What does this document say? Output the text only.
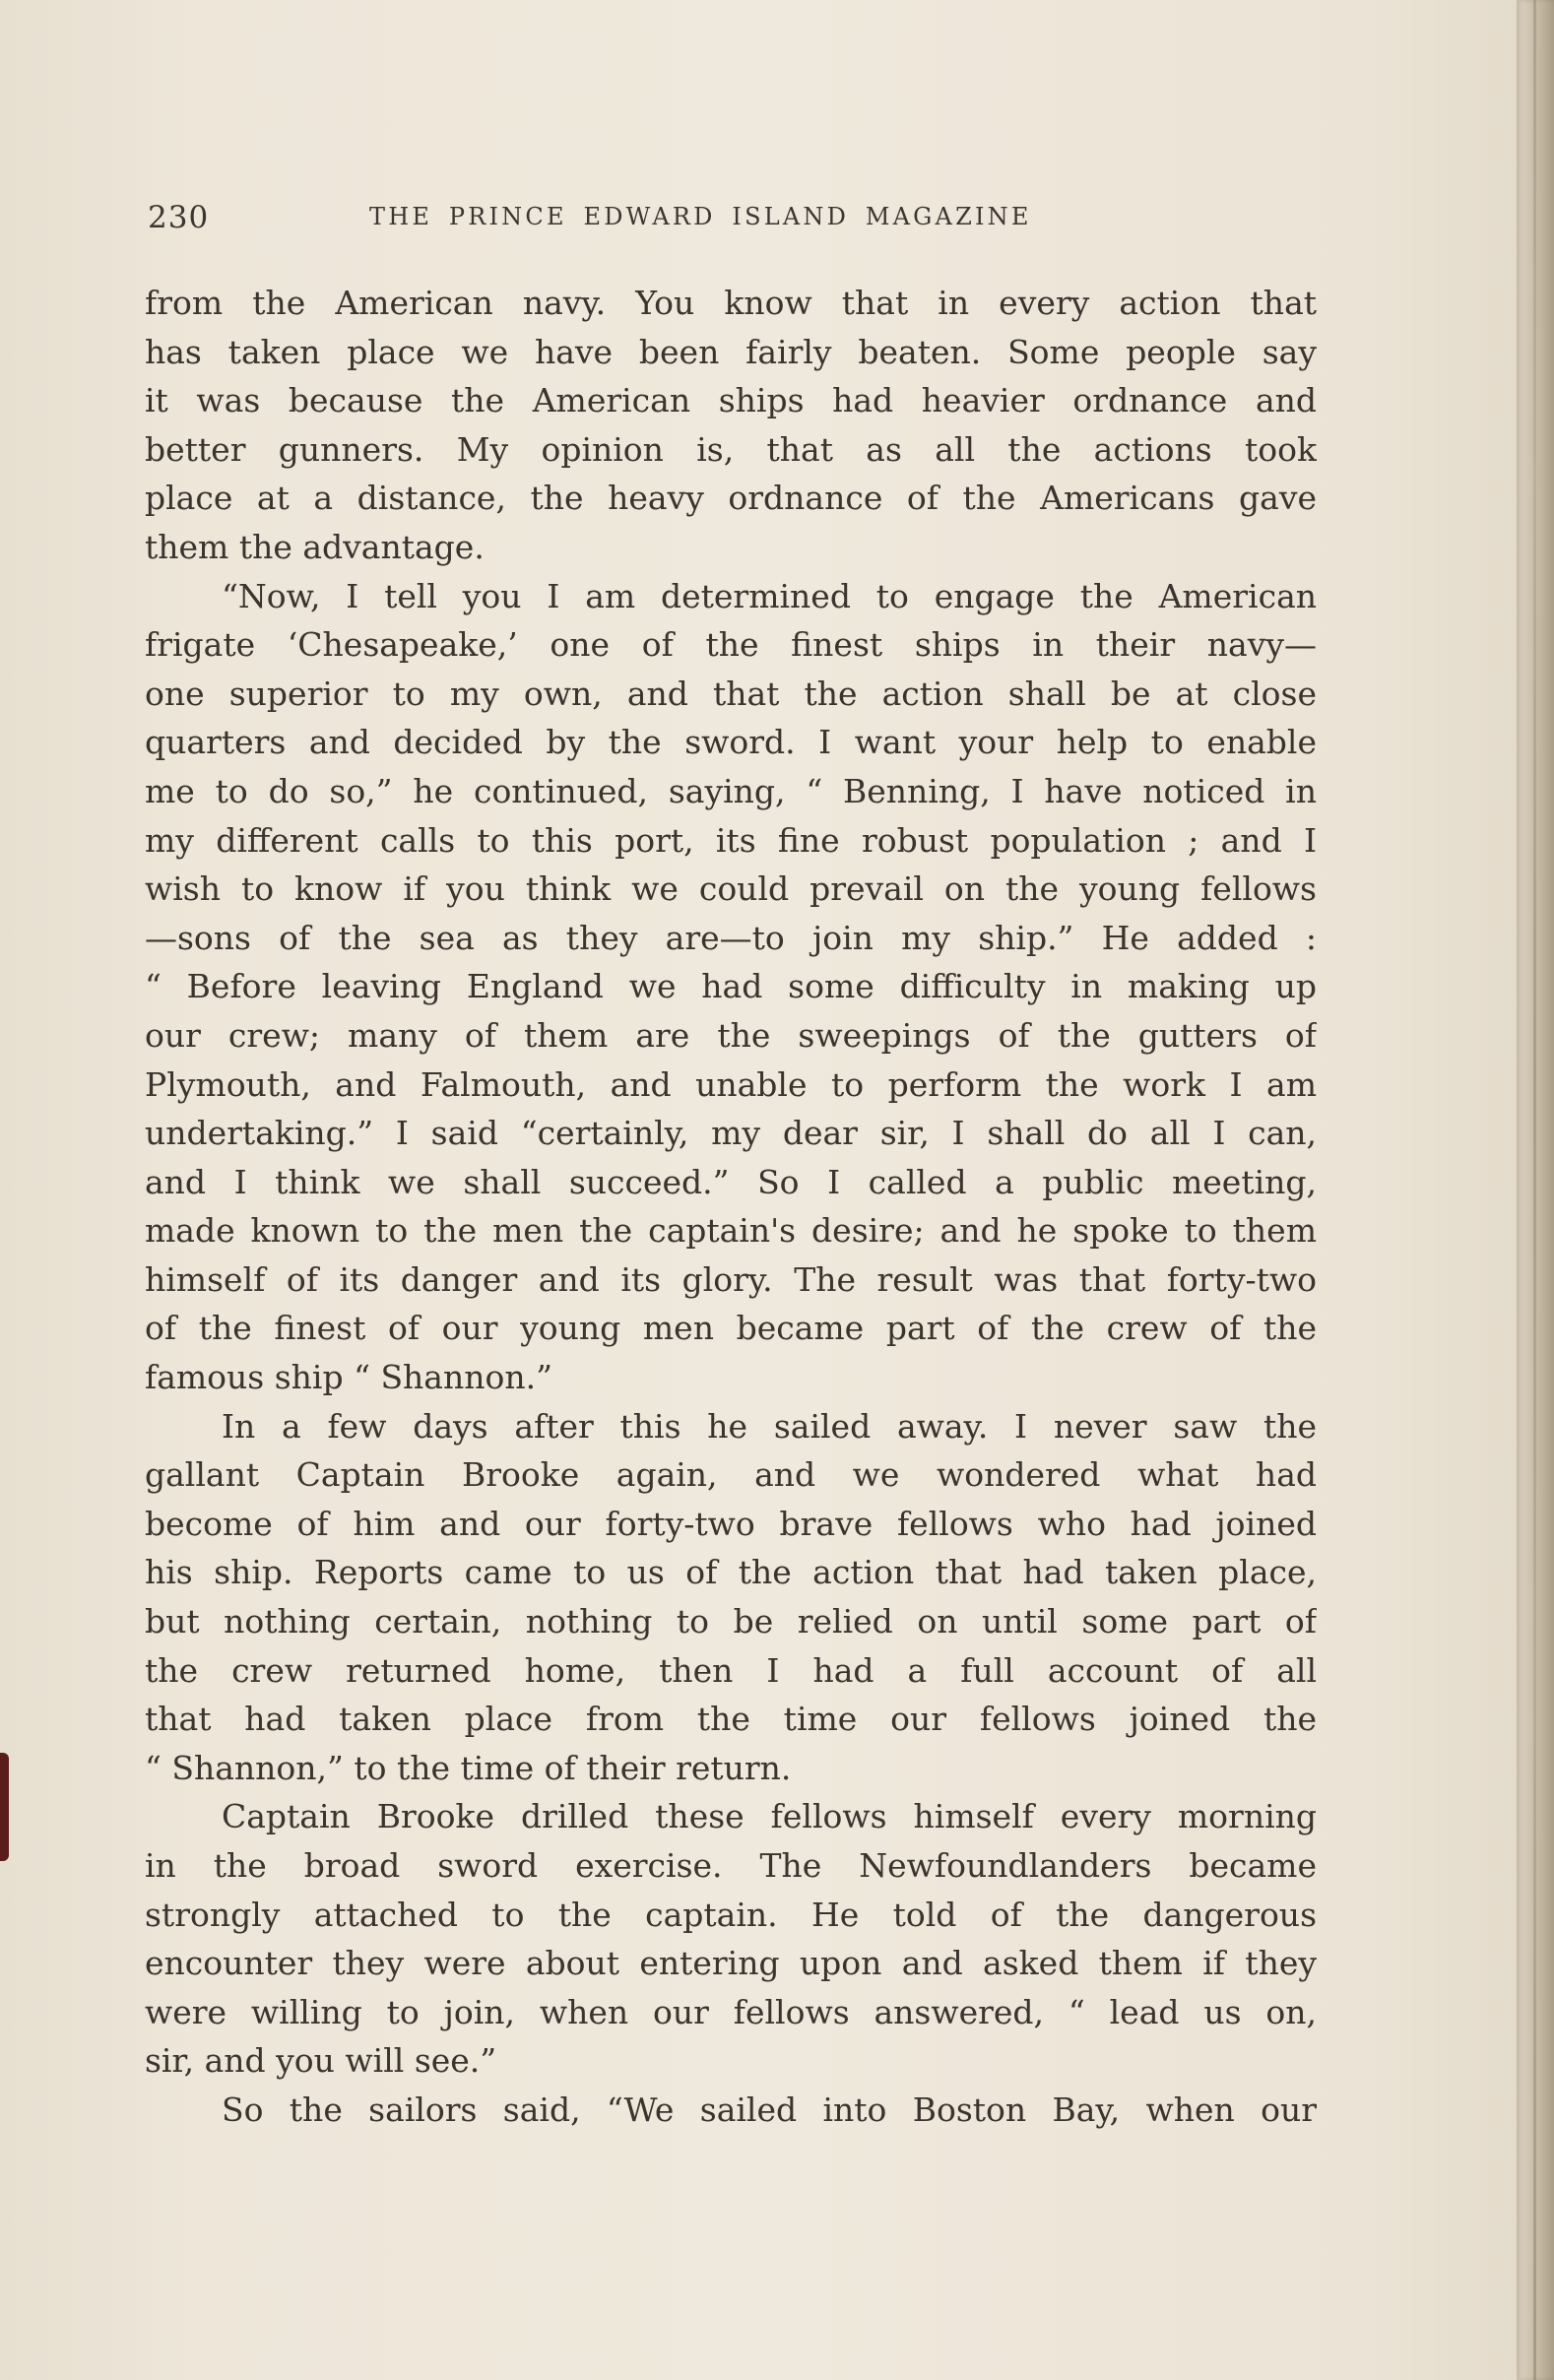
230	THE PRINCE EDWARD ISLAND MAGAZINE
from the American navy. You know that in every action that
has taken place we have been fairly beaten. Some people say
it was because the American ships had heavier ordnance and
better gunners. My opinion is, that as all the actions took
place at a distance, the heavy ordnance of the Americans gave
them the advantage.
“Now, I tell you I am determined to engage the American
frigate ‘Chesapeake,’ one of the finest ships in their navy—
one superior to my own, and that the action shall be at close
quarters and decided by the sword. I want your help to enable
me to do so,” he continued, saying, “ Benning, I have noticed in
my different calls to this port, its fine robust population ; and I
wish to know if you think we could prevail on the young fellows
—sons of the sea as they are—to join my ship.” He added :
“ Before leaving England we had some difficulty in making up
our crew; many of them are the sweepings of the gutters of
Plymouth, and Falmouth, and unable to perform the work I am
undertaking.” I said “certainly, my dear sir, I shall do all I can,
and I think we shall succeed.” So I called a public meeting,
made known to the men the captain's desire; and he spoke to them
himself of its danger and its glory. The result was that forty-two
of the finest of our young men became part of the crew of the
famous ship “ Shannon.”
In a few days after this he sailed away. I never saw the
gallant Captain Brooke again, and we wondered what had
become of him and our forty-two brave fellows who had joined
his ship. Reports came to us of the action that had taken place,
but nothing certain, nothing to be relied on until some part of
the crew returned home, then I had a full account of all
that had taken place from the time our fellows joined the
“ Shannon,” to the time of their return.
Captain Brooke drilled these fellows himself every morning
in the broad sword exercise. The Newfoundlanders became
strongly attached to the captain. He told of the dangerous
encounter they were about entering upon and asked them if they
were willing to join, when our fellows answered, “ lead us on,
sir, and you will see.”
So the sailors said, “We sailed into Boston Bay, when our
